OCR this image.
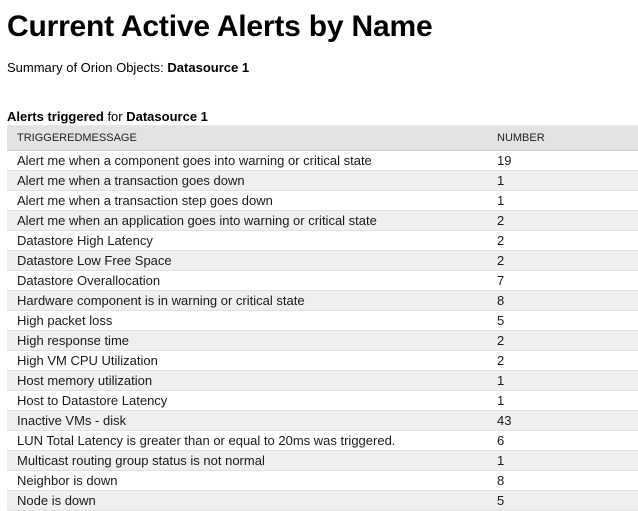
Current Active Alerts by Name
Summary of Orion Objects: Datasource 1
Alerts triggered for Datasource 1
TRIGGEREDMESSAGE	NUMBER
Alert me when a component goes into warning or critical state	19
Alert me when a transaction goes down	1
Alert me when a transaction step goes down	1
Alert me when an application goes into warning or critical state	2
Datastore High Latency	2
Datastore Low Free Space	2
Datastore Overallocation	7
Hardware component is in warning or critical state	8
High packet loss	5
High response time	2
High VM CPU Utilization	2
Host memory utilization	1
Host to Datastore Latency	1
Inactive VMs - disk	43
LUN Total Latency is greater than or equal to 20ms was triggered.	6
Multicast routing group status is not normal	1
Neighbor is down	8
Node is down	5
